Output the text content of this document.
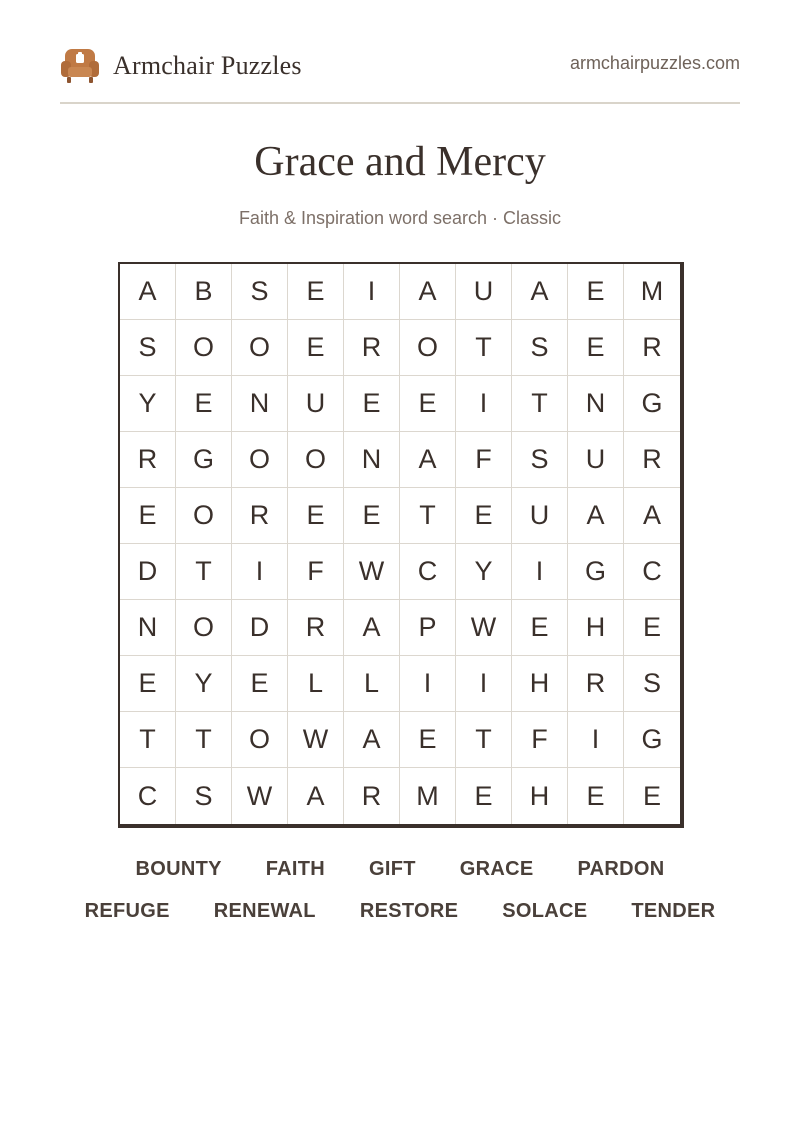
Armchair Puzzles	armchairpuzzles.com
Grace and Mercy
Faith & Inspiration word search · Classic
A	B	S	E	I	A	U	A	E	M
S	O	O	E	R	O	T	S	E	R
Y	E	N	U	E	E	I	T	N	G
R	G	O	O	N	A	F	S	U	R
E	O	R	E	E	T	E	U	A	A
D	T	I	F	W	C	Y	I	G	C
N	O	D	R	A	P	W	E	H	E
E	Y	E	L	L	I	I	H	R	S
T	T	O	W	A	E	T	F	I	G
C	S	W	A	R	M	E	H	E	E
BOUNTY FAITH GIFT GRACE PARDON
REFUGE RENEWAL RESTORE SOLACE TENDER
